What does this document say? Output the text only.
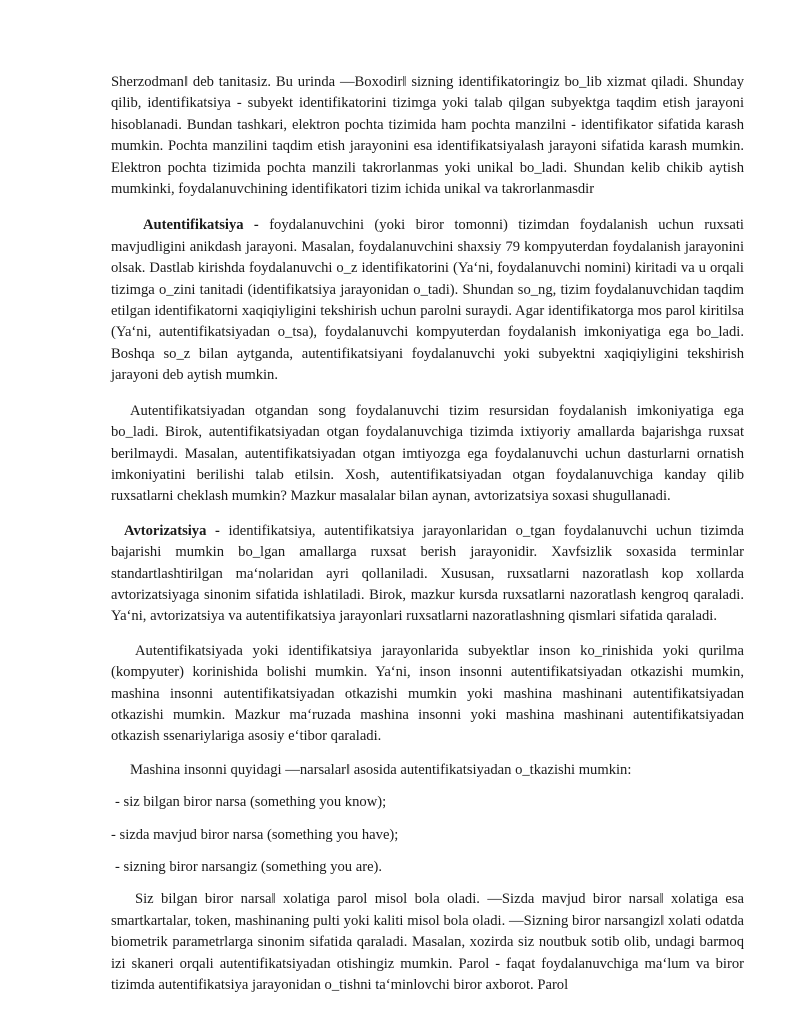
Sherzodman‖ deb tanitasiz. Bu urinda ―Boxodir‖ sizning identifikatoringiz bo_lib xizmat qiladi. Shunday qilib, identifikatsiya - subyekt identifikatorini tizimga yoki talab qilgan subyektga taqdim etish jarayoni hisoblanadi. Bundan tashkari, elektron pochta tizimida ham pochta manzilni - identifikator sifatida karash mumkin. Pochta manzilini taqdim etish jarayonini esa identifikatsiyalash jarayoni sifatida karash mumkin. Elektron pochta tizimida pochta manzili takrorlanmas yoki unikal bo_ladi. Shundan kelib chikib aytish mumkinki, foydalanuvchining identifikatori tizim ichida unikal va takrorlanmasdir

Autentifikatsiya - foydalanuvchini (yoki biror tomonni) tizimdan foydalanish uchun ruxsati mavjudligini anikdash jarayoni. Masalan, foydalanuvchini shaxsiy 79 kompyuterdan foydalanish jarayonini olsak. Dastlab kirishda foydalanuvchi o_z identifikatorini (Ya‘ni, foydalanuvchi nomini) kiritadi va u orqali tizimga o_zini tanitadi (identifikatsiya jarayonidan o_tadi). Shundan so_ng, tizim foydalanuvchidan taqdim etilgan identifikatorni xaqiqiyligini tekshirish uchun parolni suraydi. Agar identifikatorga mos parol kiritilsa (Ya‘ni, autentifikatsiyadan o_tsa), foydalanuvchi kompyuterdan foydalanish imkoniyatiga ega bo_ladi. Boshqa so_z bilan aytganda, autentifikatsiyani foydalanuvchi yoki subyektni xaqiqiyligini tekshirish jarayoni deb aytish mumkin.

Autentifikatsiyadan otgandan song foydalanuvchi tizim resursidan foydalanish imkoniyatiga ega bo_ladi. Birok, autentifikatsiyadan otgan foydalanuvchiga tizimda ixtiyoriy amallarda bajarishga ruxsat berilmaydi. Masalan, autentifikatsiyadan otgan imtiyozga ega foydalanuvchi uchun dasturlarni ornatish imkoniyatini berilishi talab etilsin. Xosh, autentifikatsiyadan otgan foydalanuvchiga kanday qilib ruxsatlarni cheklash mumkin? Mazkur masalalar bilan aynan, avtorizatsiya soxasi shugullanadi.

Avtorizatsiya - identifikatsiya, autentifikatsiya jarayonlaridan o_tgan foydalanuvchi uchun tizimda bajarishi mumkin bo_lgan amallarga ruxsat berish jarayonidir. Xavfsizlik soxasida terminlar standartlashtirilgan ma‘nolaridan ayri qollaniladi. Xususan, ruxsatlarni nazoratlash kop xollarda avtorizatsiyaga sinonim sifatida ishlatiladi. Birok, mazkur kursda ruxsatlarni nazoratlash kengroq qaraladi. Ya‘ni, avtorizatsiya va autentifikatsiya jarayonlari ruxsatlarni nazoratlashning qismlari sifatida qaraladi.

Autentifikatsiyada yoki identifikatsiya jarayonlarida subyektlar inson ko_rinishida yoki qurilma (kompyuter) korinishida bolishi mumkin. Ya‘ni, inson insonni autentifikatsiyadan otkazishi mumkin, mashina insonni autentifikatsiyadan otkazishi mumkin yoki mashina mashinani autentifikatsiyadan otkazishi mumkin. Mazkur ma‘ruzada mashina insonni yoki mashina mashinani autentifikatsiyadan otkazish ssenariylariga asosiy e‘tibor qaraladi.

Mashina insonni quyidagi ―narsalar‖ asosida autentifikatsiyadan o_tkazishi mumkin:

- siz bilgan biror narsa (something you know);

- sizda mavjud biror narsa (something you have);

- sizning biror narsangiz (something you are).

Siz bilgan biror narsa‖ xolatiga parol misol bola oladi. ―Sizda mavjud biror narsa‖ xolatiga esa smartkartalar, token, mashinaning pulti yoki kaliti misol bola oladi. ―Sizning biror narsangiz‖ xolati odatda biometrik parametrlarga sinonim sifatida qaraladi. Masalan, xozirda siz noutbuk sotib olib, undagi barmoq izi skaneri orqali autentifikatsiyadan otishingiz mumkin. Parol - faqat foydalanuvchiga ma‘lum va biror tizimda autentifikatsiya jarayonidan o_tishni ta‘minlovchi biror axborot. Parol
